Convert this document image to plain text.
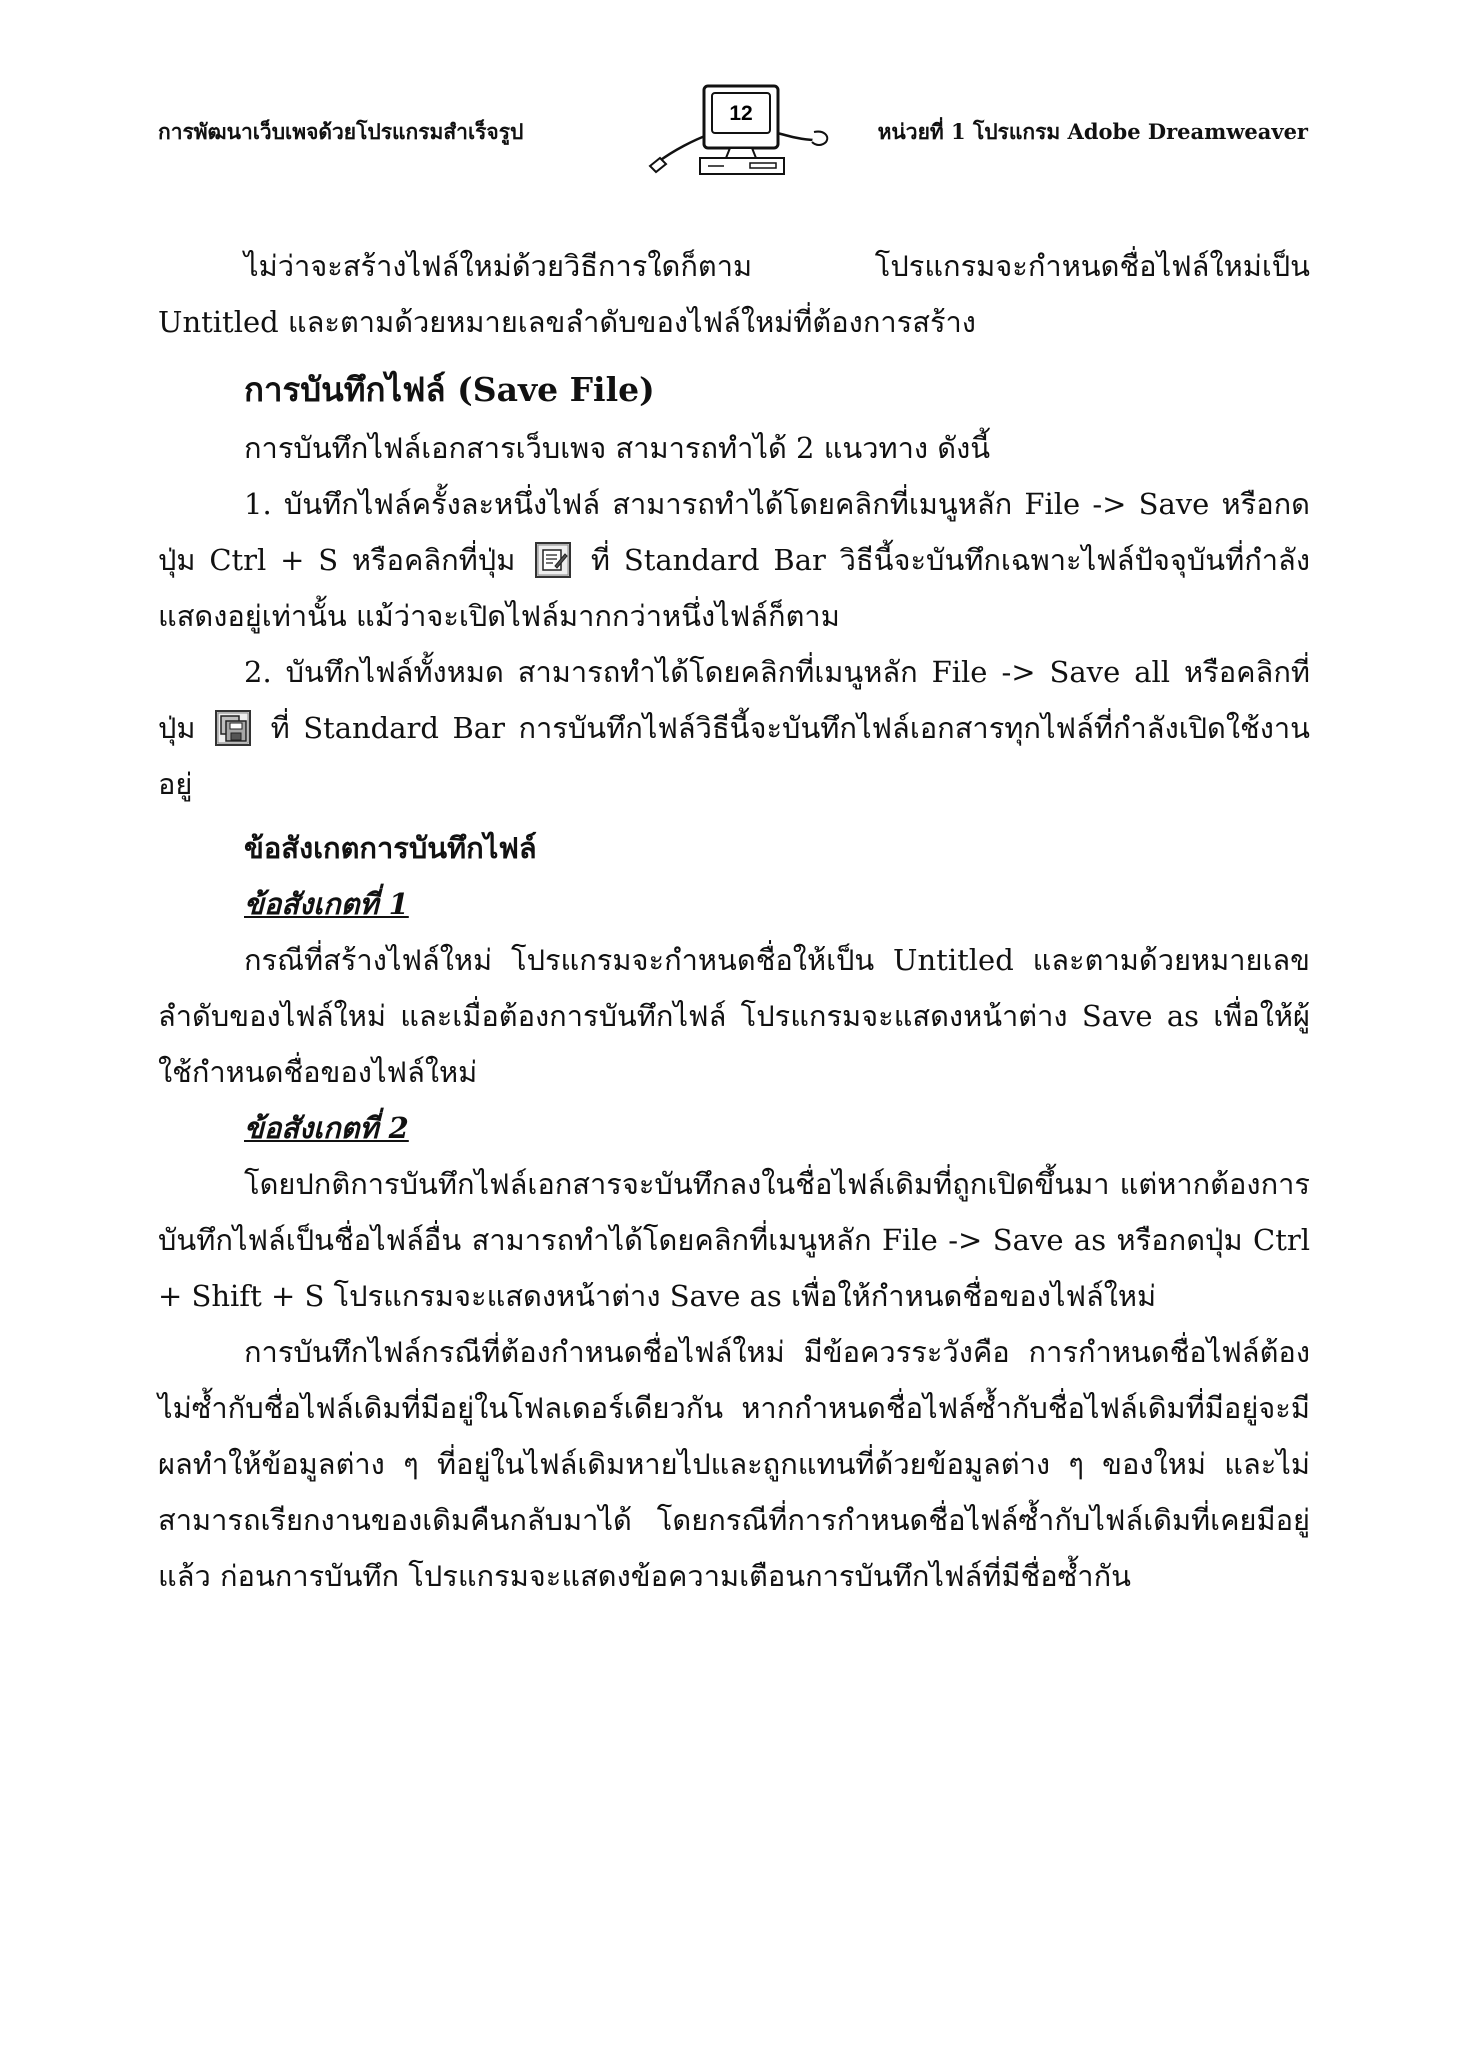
การพัฒนาเว็บเพจด้วยโปรแกรมสำเร็จรูป
12
หน่วยที่ 1 โปรแกรม Adobe Dreamweaver

ไม่ว่าจะสร้างไฟล์ใหม่ด้วยวิธีการใดก็ตาม โปรแกรมจะกำหนดชื่อไฟล์ใหม่เป็น Untitled และตามด้วยหมายเลขลำดับของไฟล์ใหม่ที่ต้องการสร้าง

การบันทึกไฟล์ (Save File)

การบันทึกไฟล์เอกสารเว็บเพจ สามารถทำได้ 2 แนวทาง ดังนี้

1. บันทึกไฟล์ครั้งละหนึ่งไฟล์ สามารถทำได้โดยคลิกที่เมนูหลัก File -> Save หรือกดปุ่ม Ctrl + S หรือคลิกที่ปุ่ม	ที่ Standard Bar วิธีนี้จะบันทึกเฉพาะไฟล์ปัจจุบันที่กำลังแสดงอยู่เท่านั้น แม้ว่าจะเปิดไฟล์มากกว่าหนึ่งไฟล์ก็ตาม

2. บันทึกไฟล์ทั้งหมด สามารถทำได้โดยคลิกที่เมนูหลัก File -> Save all หรือคลิกที่ปุ่ม	ที่ Standard Bar การบันทึกไฟล์วิธีนี้จะบันทึกไฟล์เอกสารทุกไฟล์ที่กำลังเปิดใช้งานอยู่

ข้อสังเกตการบันทึกไฟล์

ข้อสังเกตที่ 1

กรณีที่สร้างไฟล์ใหม่ โปรแกรมจะกำหนดชื่อให้เป็น Untitled และตามด้วยหมายเลขลำดับของไฟล์ใหม่ และเมื่อต้องการบันทึกไฟล์ โปรแกรมจะแสดงหน้าต่าง Save as เพื่อให้ผู้ใช้กำหนดชื่อของไฟล์ใหม่

ข้อสังเกตที่ 2

โดยปกติการบันทึกไฟล์เอกสารจะบันทึกลงในชื่อไฟล์เดิมที่ถูกเปิดขึ้นมา แต่หากต้องการบันทึกไฟล์เป็นชื่อไฟล์อื่น สามารถทำได้โดยคลิกที่เมนูหลัก File -> Save as หรือกดปุ่ม Ctrl + Shift + S โปรแกรมจะแสดงหน้าต่าง Save as เพื่อให้กำหนดชื่อของไฟล์ใหม่

การบันทึกไฟล์กรณีที่ต้องกำหนดชื่อไฟล์ใหม่ มีข้อควรระวังคือ การกำหนดชื่อไฟล์ต้องไม่ซ้ำกับชื่อไฟล์เดิมที่มีอยู่ในโฟลเดอร์เดียวกัน หากกำหนดชื่อไฟล์ซ้ำกับชื่อไฟล์เดิมที่มีอยู่จะมีผลทำให้ข้อมูลต่าง ๆ ที่อยู่ในไฟล์เดิมหายไปและถูกแทนที่ด้วยข้อมูลต่าง ๆ ของใหม่ และไม่สามารถเรียกงานของเดิมคืนกลับมาได้ โดยกรณีที่การกำหนดชื่อไฟล์ซ้ำกับไฟล์เดิมที่เคยมีอยู่แล้ว ก่อนการบันทึก โปรแกรมจะแสดงข้อความเตือนการบันทึกไฟล์ที่มีชื่อซ้ำกัน
